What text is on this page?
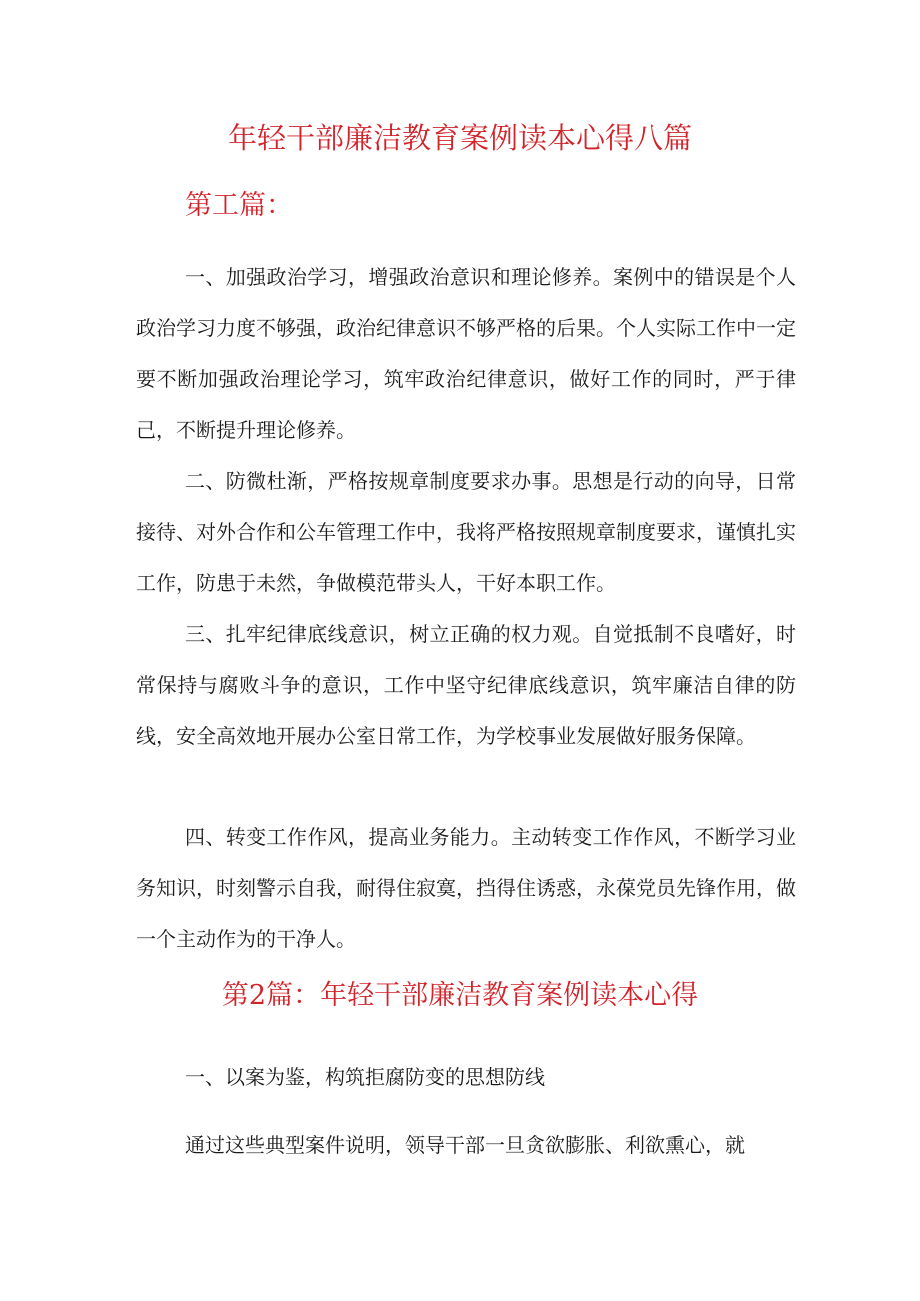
年轻干部廉洁教育案例读本心得八篇
第工篇：

一、加强政治学习，增强政治意识和理论修养。案例中的错误是个人政治学习力度不够强，政治纪律意识不够严格的后果。个人实际工作中一定要不断加强政治理论学习，筑牢政治纪律意识，做好工作的同时，严于律己，不断提升理论修养。

二、防微杜渐，严格按规章制度要求办事。思想是行动的向导，日常接待、对外合作和公车管理工作中，我将严格按照规章制度要求，谨慎扎实工作，防患于未然，争做模范带头人，干好本职工作。

三、扎牢纪律底线意识，树立正确的权力观。自觉抵制不良嗜好，时常保持与腐败斗争的意识，工作中坚守纪律底线意识，筑牢廉洁自律的防线，安全高效地开展办公室日常工作，为学校事业发展做好服务保障。

四、转变工作作风，提高业务能力。主动转变工作作风，不断学习业务知识，时刻警示自我，耐得住寂寞，挡得住诱惑，永葆党员先锋作用，做一个主动作为的干净人。

第2篇：年轻干部廉洁教育案例读本心得

一、以案为鉴，构筑拒腐防变的思想防线

通过这些典型案件说明，领导干部一旦贪欲膨胀、利欲熏心，就
